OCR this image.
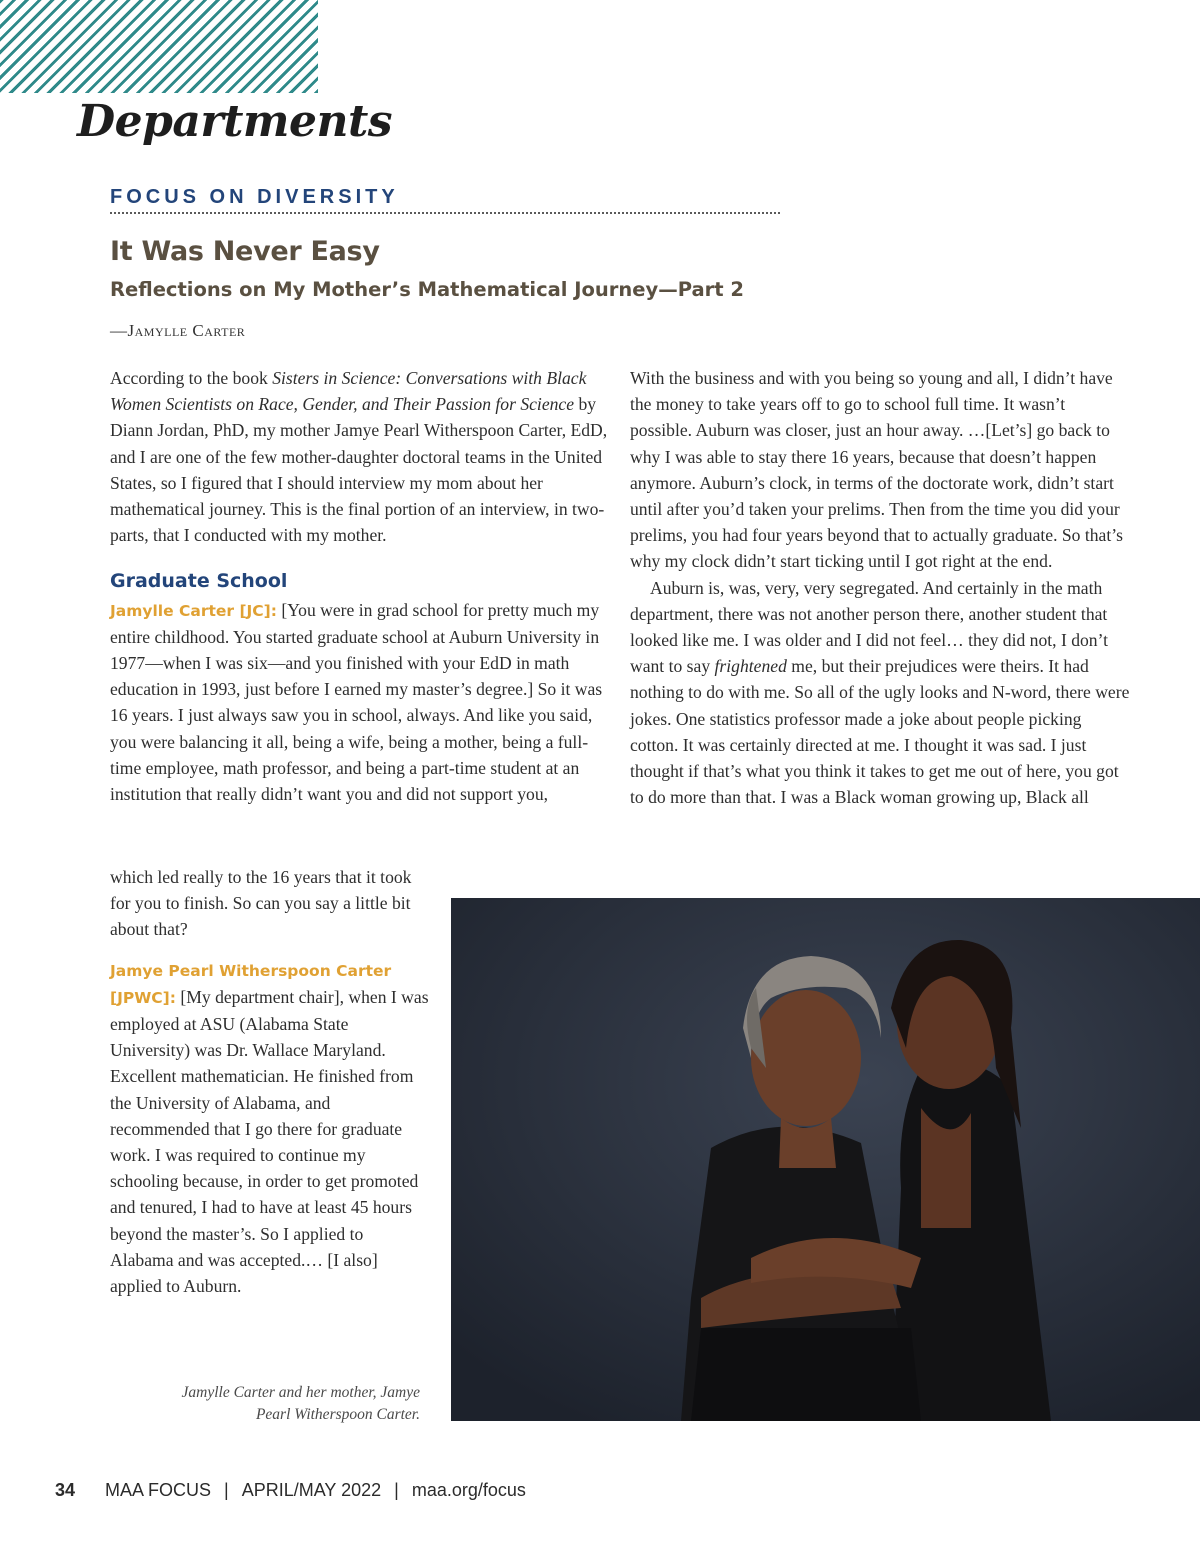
Departments
FOCUS ON DIVERSITY
It Was Never Easy
Reflections on My Mother’s Mathematical Journey—Part 2
—Jamylle Carter

According to the book Sisters in Science: Conversations with Black Women Scientists on Race, Gender, and Their Passion for Science by Diann Jordan, PhD, my mother Jamye Pearl Witherspoon Carter, EdD, and I are one of the few mother-daughter doctoral teams in the United States, so I figured that I should interview my mom about her mathematical journey. This is the final portion of an interview, in two-parts, that I conducted with my mother.

Graduate School

Jamylle Carter [JC]: [You were in grad school for pretty much my entire childhood. You started graduate school at Auburn University in 1977—when I was six—and you finished with your EdD in math education in 1993, just before I earned my master’s degree.] So it was 16 years. I just always saw you in school, always. And like you said, you were balancing it all, being a wife, being a mother, being a full-time employee, math professor, and being a part-time student at an institution that really didn’t want you and did not support you,

which led really to the 16 years that it took for you to finish. So can you say a little bit about that?

Jamye Pearl Witherspoon Carter [JPWC]: [My department chair], when I was employed at ASU (Alabama State University) was Dr. Wallace Maryland. Excellent mathematician. He finished from the University of Alabama, and recommended that I go there for graduate work. I was required to continue my schooling because, in order to get promoted and tenured, I had to have at least 45 hours beyond the master’s. So I applied to Alabama and was accepted.… [I also] applied to Auburn.

With the business and with you being so young and all, I didn’t have the money to take years off to go to school full time. It wasn’t possible. Auburn was closer, just an hour away. …[Let’s] go back to why I was able to stay there 16 years, because that doesn’t happen anymore. Auburn’s clock, in terms of the doctorate work, didn’t start until after you’d taken your prelims. Then from the time you did your prelims, you had four years beyond that to actually graduate. So that’s why my clock didn’t start ticking until I got right at the end.

Auburn is, was, very, very segregated. And certainly in the math department, there was not another person there, another student that looked like me. I was older and I did not feel… they did not, I don’t want to say frightened me, but their prejudices were theirs. It had nothing to do with me. So all of the ugly looks and N-word, there were jokes. One statistics professor made a joke about people picking cotton. It was certainly directed at me. I thought it was sad. I just thought if that’s what you think it takes to get me out of here, you got to do more than that. I was a Black woman growing up, Black all

Jamylle Carter and her mother, Jamye Pearl Witherspoon Carter.
34 MAA FOCUS | APRIL/MAY 2022 | maa.org/focus
